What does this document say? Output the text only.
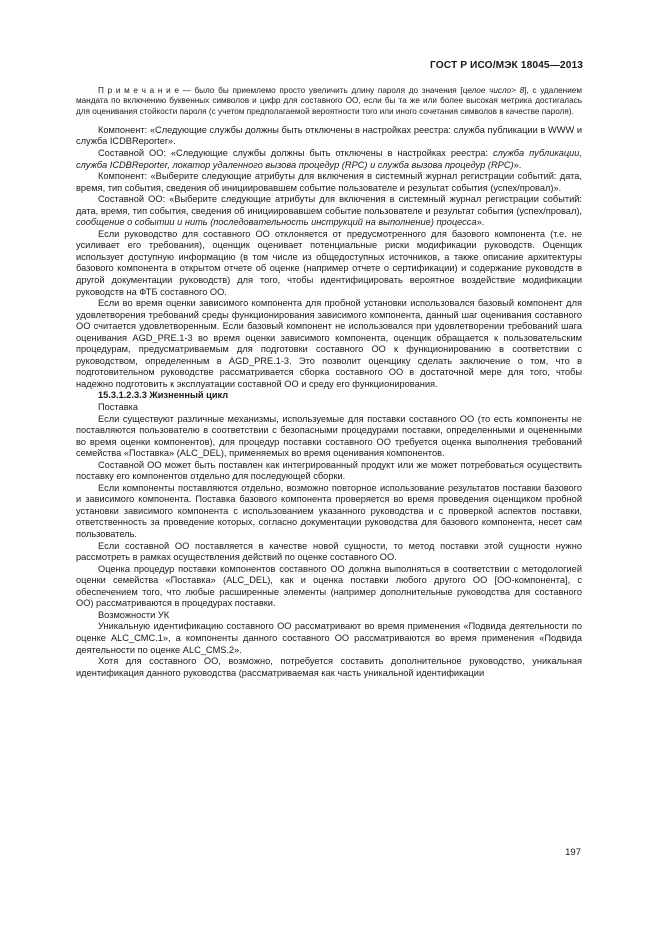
ГОСТ Р ИСО/МЭК 18045—2013

П р и м е ч а н и е — было бы приемлемо просто увеличить длину пароля до значения [целое число> 8], с удалением мандата по включению буквенных символов и цифр для составного ОО, если бы та же или более высокая метрика достигалась для оценивания стойкости пароля (с учетом предполагаемой вероятности того или иного сочетания символов в качестве пароля).

Компонент: «Следующие службы должны быть отключены в настройках реестра: служба публикации в WWW и служба ICDBReporter».

Составной ОО: «Следующие службы должны быть отключены в настройках реестра: служба публикации, служба ICDBReporter, локатор удаленного вызова процедур (RPC) и служба вызова процедур (RPC)».

Компонент: «Выберите следующие атрибуты для включения в системный журнал регистрации событий: дата, время, тип события, сведения об инициировавшем событие пользователе и результат события (успех/провал)».

Составной ОО: «Выберите следующие атрибуты для включения в системный журнал регистрации событий: дата, время, тип события, сведения об инициировавшем событие пользователе и результат события (успех/провал), сообщение о событии и нить (последовательность инструкций на выполнение) процесса».

Если руководство для составного ОО отклоняется от предусмотренного для базового компонента (т.е. не усиливает его требования), оценщик оценивает потенциальные риски модификации руководств. Оценщик использует доступную информацию (в том числе из общедоступных источников, а также описание архитектуры базового компонента в открытом отчете об оценке (например отчете о сертификации) и содержание руководств в другой документации руководств) для того, чтобы идентифицировать вероятное воздействие модификации руководств на ФТБ составного ОО.

Если во время оценки зависимого компонента для пробной установки использовался базовый компонент для удовлетворения требований среды функционирования зависимого компонента, данный шаг оценивания составного ОО считается удовлетворенным. Если базовый компонент не использовался при удовлетворении требований шага оценивания AGD_PRE.1-3 во время оценки зависимого компонента, оценщик обращается к пользовательским процедурам, предусматриваемым для подготовки составного ОО к функционированию в соответствии с руководством, определенным в AGD_PRE.1-3. Это позволит оценщику сделать заключение о том, что в подготовительном руководстве рассматривается сборка составного ОО в достаточной мере для того, чтобы надежно подготовить к эксплуатации составной ОО и среду его функционирования.

15.3.1.2.3.3 Жизненный цикл

Поставка

Если существуют различные механизмы, используемые для поставки составного ОО (то есть компоненты не поставляются пользователю в соответствии с безопасными процедурами поставки, определенными и оцененными во время оценки компонентов), для процедур поставки составного ОО требуется оценка выполнения требований семейства «Поставка» (ALC_DEL), применяемых во время оценивания компонентов.

Составной ОО может быть поставлен как интегрированный продукт или же может потребоваться осуществить поставку его компонентов отдельно для последующей сборки.

Если компоненты поставляются отдельно, возможно повторное использование результатов поставки базового и зависимого компонента. Поставка базового компонента проверяется во время проведения оценщиком пробной установки зависимого компонента с использованием указанного руководства и с проверкой аспектов поставки, ответственность за проведение которых, согласно документации руководства для базового компонента, несет сам пользователь.

Если составной ОО поставляется в качестве новой сущности, то метод поставки этой сущности нужно рассмотреть в рамках осуществления действий по оценке составного ОО.

Оценка процедур поставки компонентов составного ОО должна выполняться в соответствии с методологией оценки семейства «Поставка» (ALC_DEL), как и оценка поставки любого другого ОО [ОО-компонента], с обеспечением того, что любые расширенные элементы (например дополнительные руководства для составного ОО) рассматриваются в процедурах поставки.

Возможности УК

Уникальную идентификацию составного ОО рассматривают во время применения «Подвида деятельности по оценке ALC_CMC.1», а компоненты данного составного ОО рассматриваются во время применения «Подвида деятельности по оценке ALC_CMS.2».

Хотя для составного ОО, возможно, потребуется составить дополнительное руководство, уникальная идентификация данного руководства (рассматриваемая как часть уникальной идентификации

197
